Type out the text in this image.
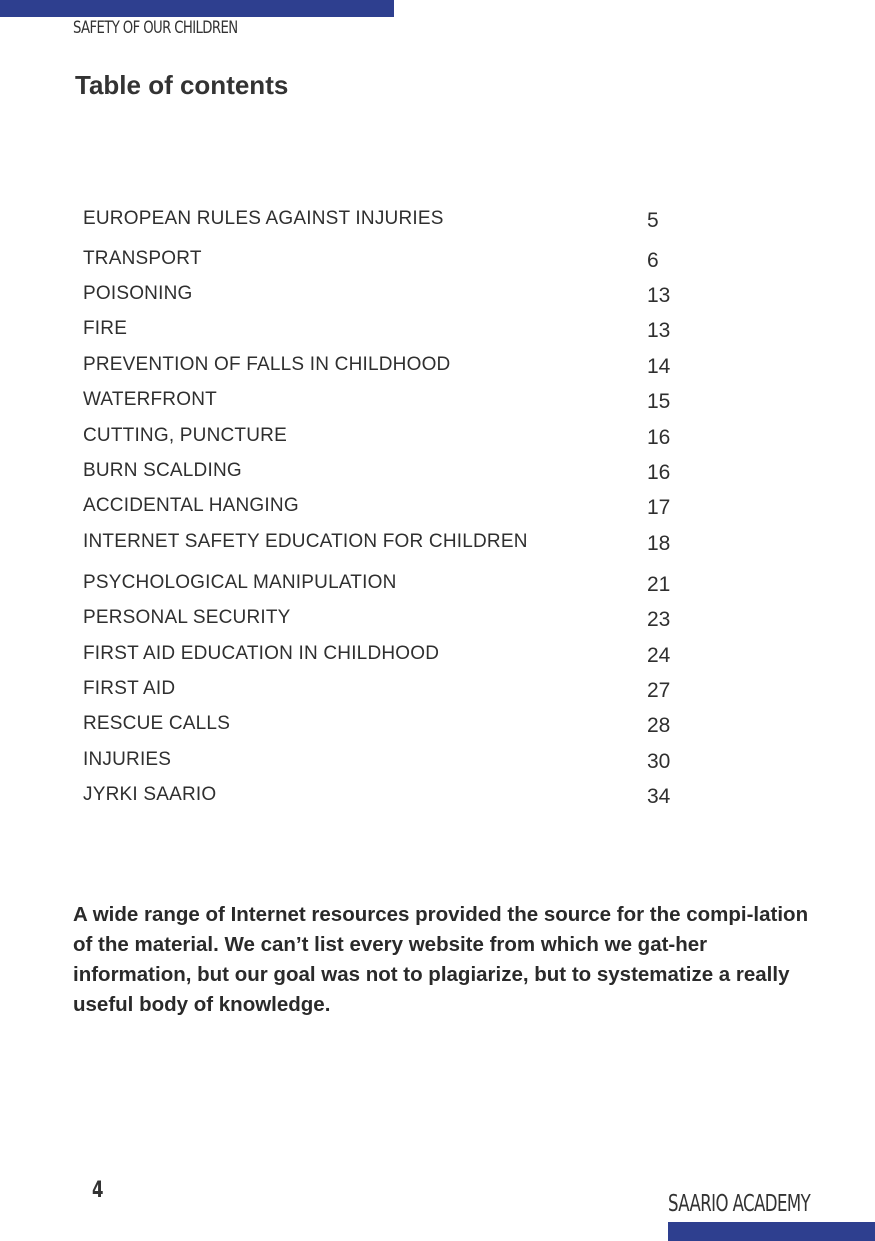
SAFETY OF OUR CHILDREN
Table of contents
EUROPEAN RULES AGAINST INJURIES	5
TRANSPORT	6
POISONING	13
FIRE	13
PREVENTION OF FALLS IN CHILDHOOD	14
WATERFRONT	15
CUTTING, PUNCTURE	16
BURN SCALDING	16
ACCIDENTAL HANGING	17
INTERNET SAFETY EDUCATION FOR CHILDREN	18
PSYCHOLOGICAL MANIPULATION	21
PERSONAL SECURITY	23
FIRST AID EDUCATION IN CHILDHOOD	24
FIRST AID	27
RESCUE CALLS	28
INJURIES	30
JYRKI SAARIO	34

A wide range of Internet resources provided the source for the compi-lation of the material. We can’t list every website from which we gat-her information, but our goal was not to plagiarize, but to systematize a really useful body of knowledge.

4
SAARIO ACADEMY
